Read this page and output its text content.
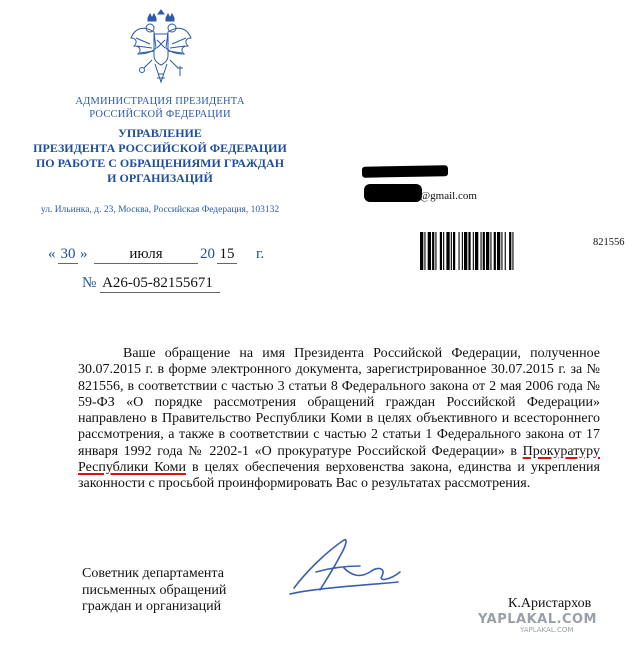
АДМИНИСТРАЦИЯ ПРЕЗИДЕНТА
РОССИЙСКОЙ ФЕДЕРАЦИИ
УПРАВЛЕНИЕ
ПРЕЗИДЕНТА РОССИЙСКОЙ ФЕДЕРАЦИИ
ПО РАБОТЕ С ОБРАЩЕНИЯМИ ГРАЖДАН
И ОРГАНИЗАЦИЙ
ул. Ильинка, д. 23, Москва, Российская Федерация, 103132
@gmail.com
« 30 »	июля	20 15 г.
№ А26-05-82155671
821556

Ваше обращение на имя Президента Российской Федерации, полученное 30.07.2015 г. в форме электронного документа, зарегистрированное 30.07.2015 г. за № 821556, в соответствии с частью 3 статьи 8 Федерального закона от 2 мая 2006 года № 59-ФЗ «О порядке рассмотрения обращений граждан Российской Федерации» направлено в Правительство Республики Коми в целях объективного и всестороннего рассмотрения, а также в соответствии с частью 2 статьи 1 Федерального закона от 17 января 1992 года № 2202-1 «О прокуратуре Российской Федерации» в Прокуратуру Республики Коми в целях обеспечения верховенства закона, единства и укрепления законности с просьбой проинформировать Вас о результатах рассмотрения.

Советник департамента
письменных обращений
граждан и организаций	К.Аристархов
YAPLAKAL.COM
YAPLAKAL.COM
